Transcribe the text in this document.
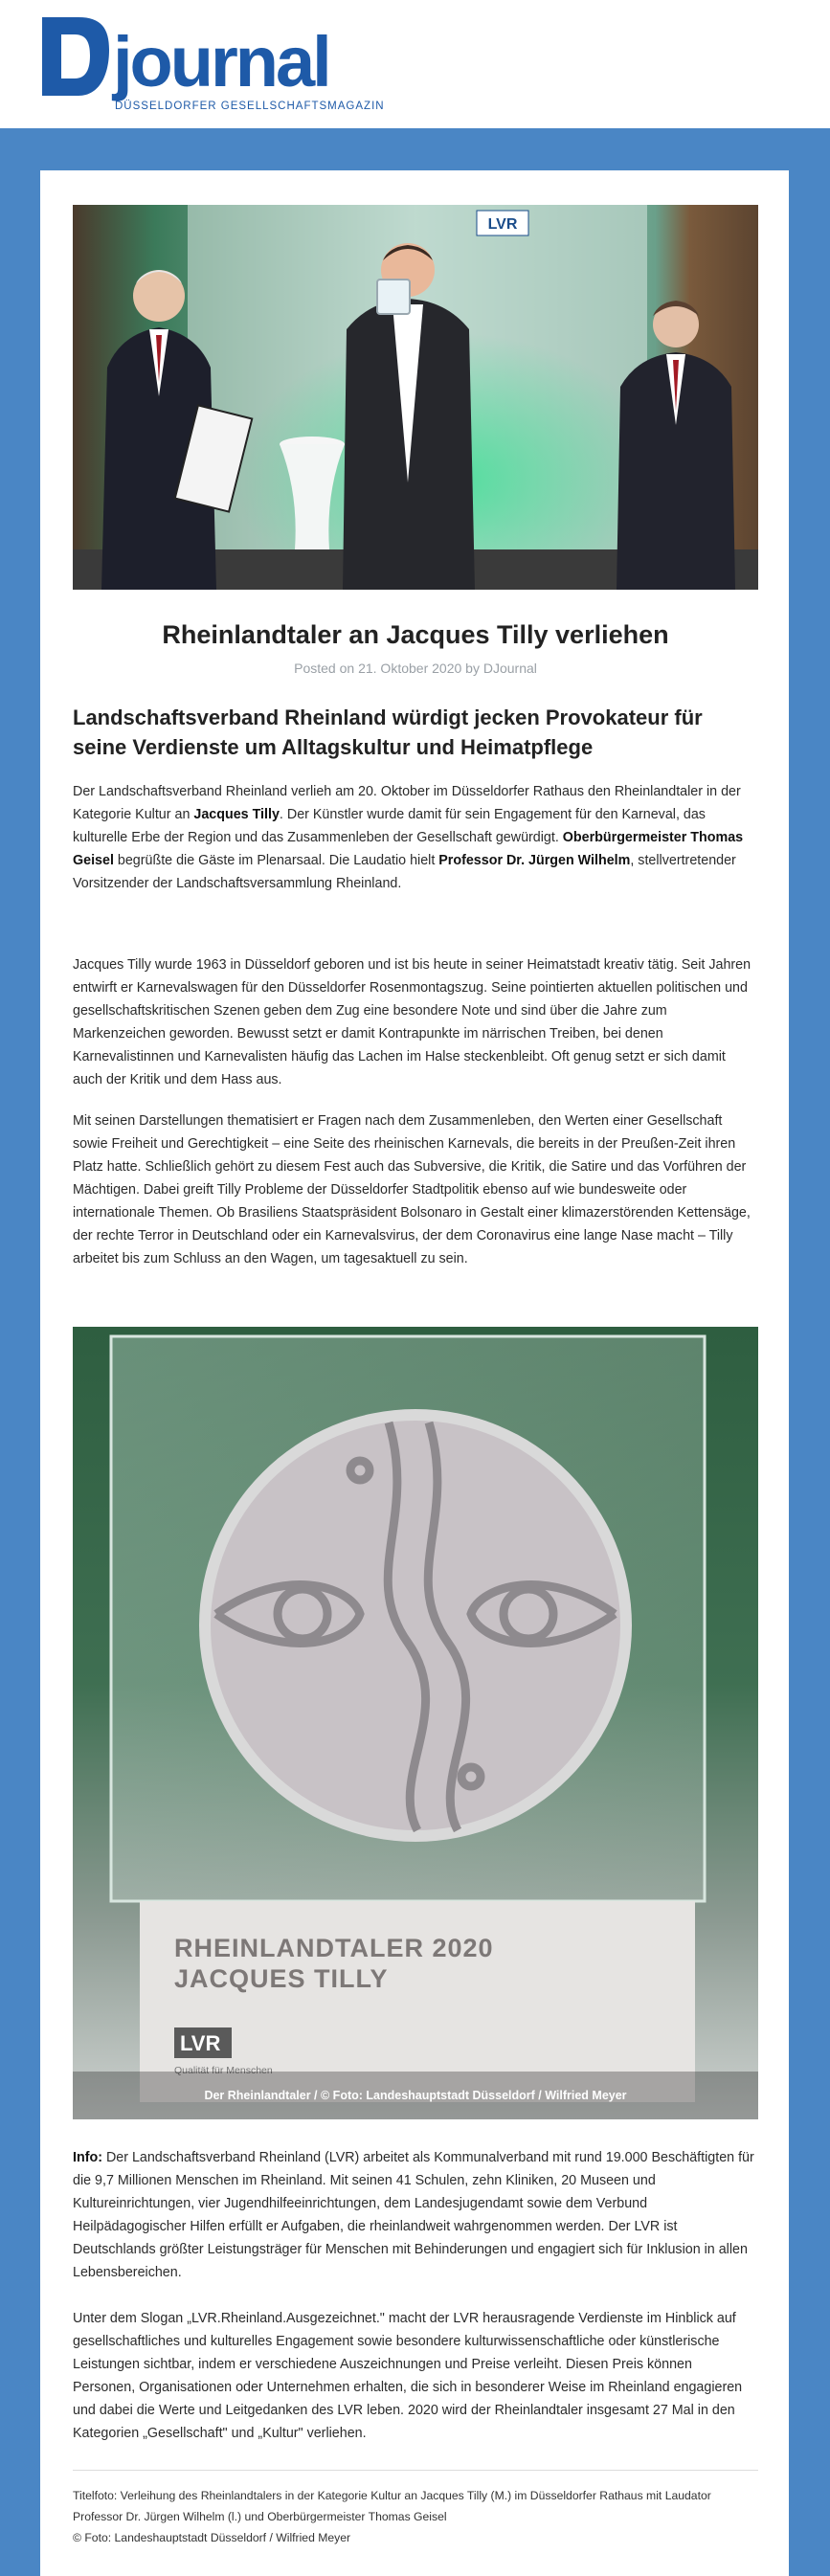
journal
DÜSSELDORFER GESELLSCHAFTSMAGAZIN
LVR
Rheinlandtaler an Jacques Tilly verliehen
Posted on 21. Oktober 2020 by DJournal
Landschaftsverband Rheinland würdigt jecken Provokateur für seine Verdienste um Alltagskultur und Heimatpflege
Der Landschaftsverband Rheinland verlieh am 20. Oktober im Düsseldorfer Rathaus den Rheinlandtaler in der Kategorie Kultur an Jacques Tilly. Der Künstler wurde damit für sein Engagement für den Karneval, das kulturelle Erbe der Region und das Zusammenleben der Gesellschaft gewürdigt. Oberbürgermeister Thomas Geisel begrüßte die Gäste im Plenarsaal. Die Laudatio hielt Professor Dr. Jürgen Wilhelm, stellvertretender Vorsitzender der Landschaftsversammlung Rheinland.
Jacques Tilly wurde 1963 in Düsseldorf geboren und ist bis heute in seiner Heimatstadt kreativ tätig. Seit Jahren entwirft er Karnevalswagen für den Düsseldorfer Rosenmontagszug. Seine pointierten aktuellen politischen und gesellschaftskritischen Szenen geben dem Zug eine besondere Note und sind über die Jahre zum Markenzeichen geworden. Bewusst setzt er damit Kontrapunkte im närrischen Treiben, bei denen Karnevalistinnen und Karnevalisten häufig das Lachen im Halse steckenbleibt. Oft genug setzt er sich damit auch der Kritik und dem Hass aus.
Mit seinen Darstellungen thematisiert er Fragen nach dem Zusammenleben, den Werten einer Gesellschaft sowie Freiheit und Gerechtigkeit – eine Seite des rheinischen Karnevals, die bereits in der Preußen-Zeit ihren Platz hatte. Schließlich gehört zu diesem Fest auch das Subversive, die Kritik, die Satire und das Vorführen der Mächtigen. Dabei greift Tilly Probleme der Düsseldorfer Stadtpolitik ebenso auf wie bundesweite oder internationale Themen. Ob Brasiliens Staatspräsident Bolsonaro in Gestalt einer klimazerstörenden Kettensäge, der rechte Terror in Deutschland oder ein Karnevalsvirus, der dem Coronavirus eine lange Nase macht – Tilly arbeitet bis zum Schluss an den Wagen, um tagesaktuell zu sein.
RHEINLANDTALER 2020
JACQUES TILLY
LVR
Qualität für Menschen
Der Rheinlandtaler / © Foto: Landeshauptstadt Düsseldorf / Wilfried Meyer
Info: Der Landschaftsverband Rheinland (LVR) arbeitet als Kommunalverband mit rund 19.000 Beschäftigten für die 9,7 Millionen Menschen im Rheinland. Mit seinen 41 Schulen, zehn Kliniken, 20 Museen und Kultureinrichtungen, vier Jugendhilfeeinrichtungen, dem Landesjugendamt sowie dem Verbund Heilpädagogischer Hilfen erfüllt er Aufgaben, die rheinlandweit wahrgenommen werden. Der LVR ist Deutschlands größter Leistungsträger für Menschen mit Behinderungen und engagiert sich für Inklusion in allen Lebensbereichen.
Unter dem Slogan „LVR.Rheinland.Ausgezeichnet." macht der LVR herausragende Verdienste im Hinblick auf gesellschaftliches und kulturelles Engagement sowie besondere kulturwissenschaftliche oder künstlerische Leistungen sichtbar, indem er verschiedene Auszeichnungen und Preise verleiht. Diesen Preis können Personen, Organisationen oder Unternehmen erhalten, die sich in besonderer Weise im Rheinland engagieren und dabei die Werte und Leitgedanken des LVR leben. 2020 wird der Rheinlandtaler insgesamt 27 Mal in den Kategorien „Gesellschaft" und „Kultur" verliehen.
Titelfoto: Verleihung des Rheinlandtalers in der Kategorie Kultur an Jacques Tilly (M.) im Düsseldorfer Rathaus mit Laudator Professor Dr. Jürgen Wilhelm (l.) und Oberbürgermeister Thomas Geisel
© Foto: Landeshauptstadt Düsseldorf / Wilfried Meyer
